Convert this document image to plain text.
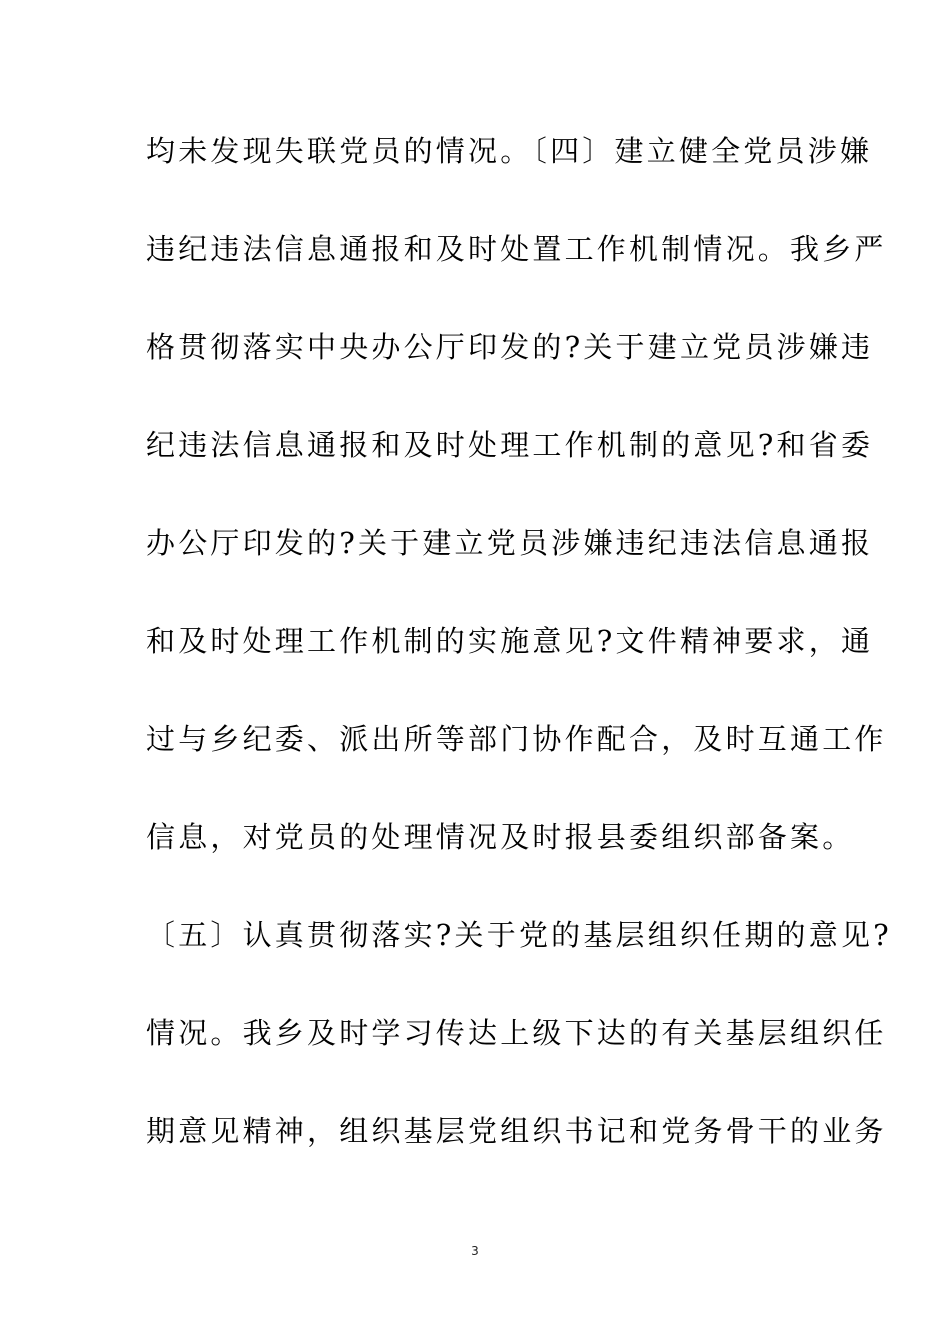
均未发现失联党员的情况。〔四〕建立健全党员涉嫌
违纪违法信息通报和及时处置工作机制情况。我乡严
格贯彻落实中央办公厅印发的?关于建立党员涉嫌违
纪违法信息通报和及时处理工作机制的意见?和省委
办公厅印发的?关于建立党员涉嫌违纪违法信息通报
和及时处理工作机制的实施意见?文件精神要求，通
过与乡纪委、派出所等部门协作配合，及时互通工作
信息，对党员的处理情况及时报县委组织部备案。
〔五〕认真贯彻落实?关于党的基层组织任期的意见?
情况。我乡及时学习传达上级下达的有关基层组织任
期意见精神，组织基层党组织书记和党务骨干的业务
3
